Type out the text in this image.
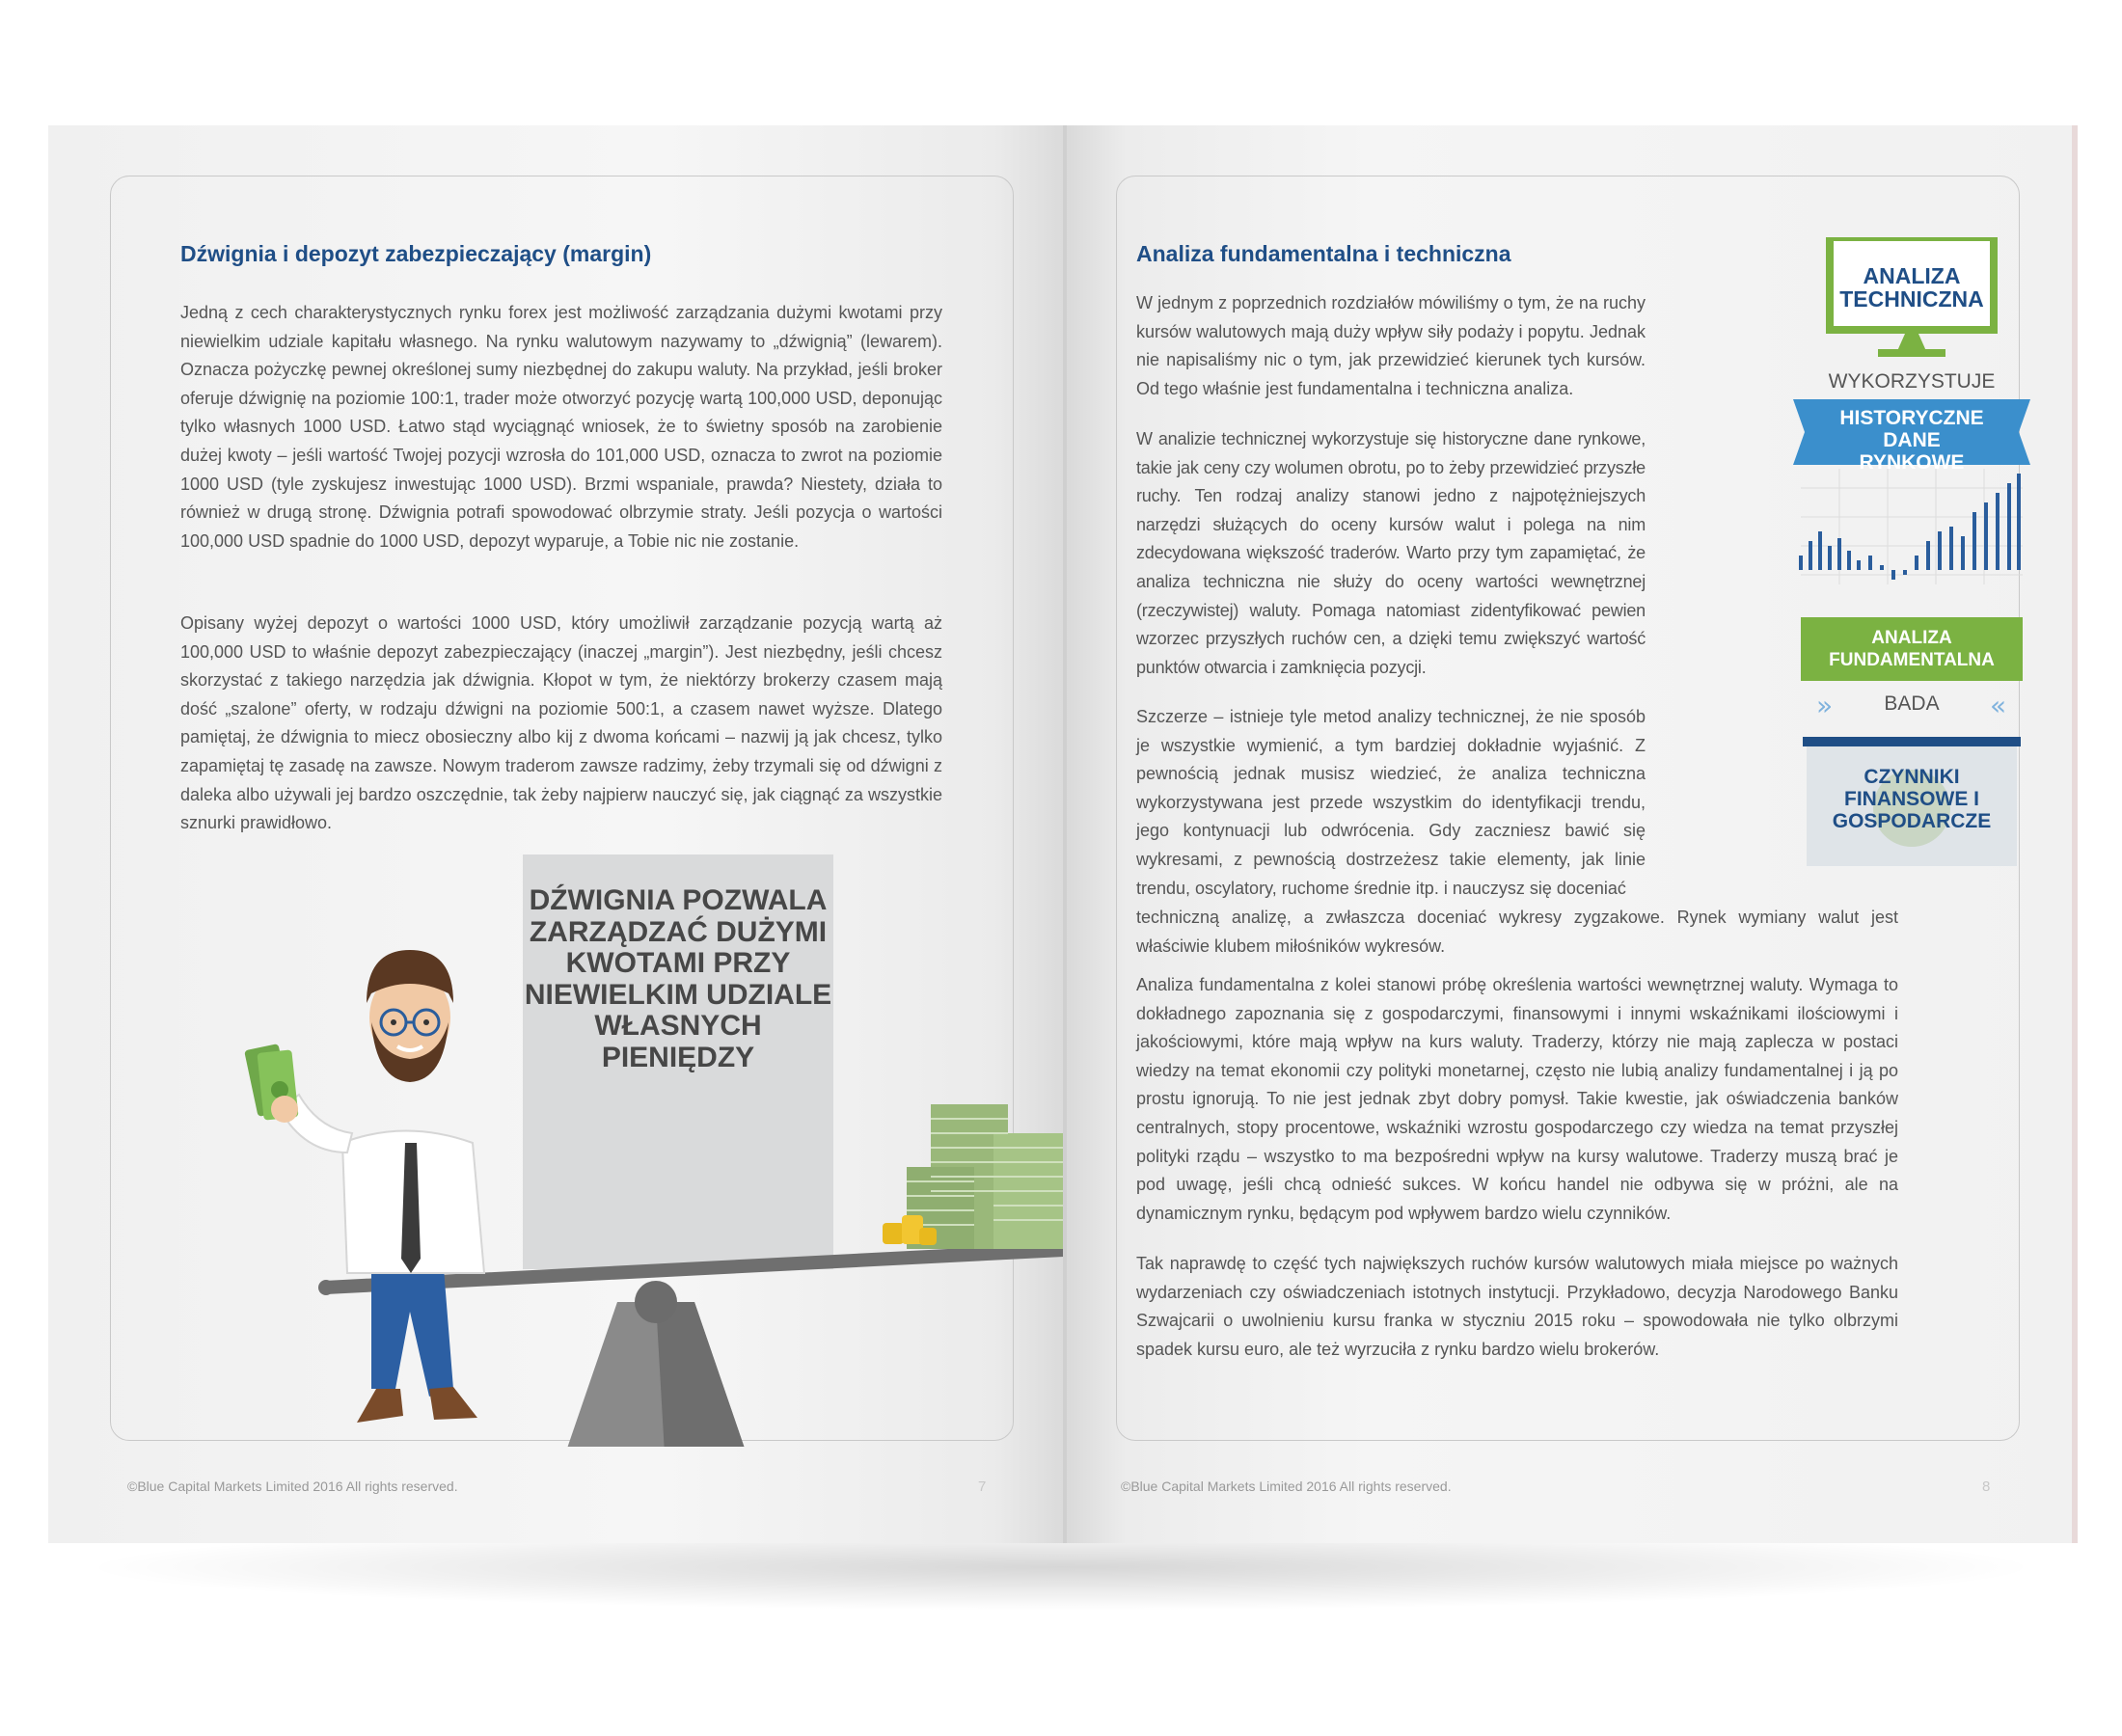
Dźwignia i depozyt zabezpieczający (margin)

Jedną z cech charakterystycznych rynku forex jest możliwość zarządzania dużymi kwotami przy niewielkim udziale kapitału własnego. Na rynku walutowym nazywamy to „dźwignią” (lewarem). Oznacza pożyczkę pewnej określonej sumy niezbędnej do zakupu waluty. Na przykład, jeśli broker oferuje dźwignię na poziomie 100:1, trader może otworzyć pozycję wartą 100,000 USD, deponując tylko własnych 1000 USD. Łatwo stąd wyciągnąć wniosek, że to świetny sposób na zarobienie dużej kwoty – jeśli wartość Twojej pozycji wzrosła do 101,000 USD, oznacza to zwrot na poziomie 1000 USD (tyle zyskujesz inwestując 1000 USD). Brzmi wspaniale, prawda? Niestety, działa to również w drugą stronę. Dźwignia potrafi spowodować olbrzymie straty. Jeśli pozycja o wartości 100,000 USD spadnie do 1000 USD, depozyt wyparuje, a Tobie nic nie zostanie.

Opisany wyżej depozyt o wartości 1000 USD, który umożliwił zarządzanie pozycją wartą aż 100,000 USD to właśnie depozyt zabezpieczający (inaczej „margin”). Jest niezbędny, jeśli chcesz skorzystać z takiego narzędzia jak dźwignia. Kłopot w tym, że niektórzy brokerzy czasem mają dość „szalone” oferty, w rodzaju dźwigni na poziomie 500:1, a czasem nawet wyższe. Dlatego pamiętaj, że dźwignia to miecz obosieczny albo kij z dwoma końcami – nazwij ją jak chcesz, tylko zapamiętaj tę zasadę na zawsze. Nowym traderom zawsze radzimy, żeby trzymali się od dźwigni z daleka albo używali jej bardzo oszczędnie, tak żeby najpierw nauczyć się, jak ciągnąć za wszystkie sznurki prawidłowo.

DŹWIGNIA POZWALA ZARZĄDZAĆ DUŻYMI KWOTAMI PRZY NIEWIELKIM UDZIALE WŁASNYCH PIENIĘDZY
©Blue Capital Markets Limited 2016 All rights reserved.	7
Analiza fundamentalna i techniczna

W jednym z poprzednich rozdziałów mówiliśmy o tym, że na ruchy kursów walutowych mają duży wpływ siły podaży i popytu. Jednak nie napisaliśmy nic o tym, jak przewidzieć kierunek tych kursów. Od tego właśnie jest fundamentalna i techniczna analiza.

W analizie technicznej wykorzystuje się historyczne dane rynkowe, takie jak ceny czy wolumen obrotu, po to żeby przewidzieć przyszłe ruchy. Ten rodzaj analizy stanowi jedno z najpotężniejszych narzędzi służących do oceny kursów walut i polega na nim zdecydowana większość traderów. Warto przy tym zapamiętać, że analiza techniczna nie służy do oceny wartości wewnętrznej (rzeczywistej) waluty. Pomaga natomiast zidentyfikować pewien wzorzec przyszłych ruchów cen, a dzięki temu zwiększyć wartość punktów otwarcia i zamknięcia pozycji.

Szczerze – istnieje tyle metod analizy technicznej, że nie sposób je wszystkie wymienić, a tym bardziej dokładnie wyjaśnić. Z pewnością jednak musisz wiedzieć, że analiza techniczna wykorzystywana jest przede wszystkim do identyfikacji trendu, jego kontynuacji lub odwrócenia. Gdy zaczniesz bawić się wykresami, z pewnością dostrzeżesz takie elementy, jak linie trendu, oscylatory, ruchome średnie itp. i nauczysz się doceniać

techniczną analizę, a zwłaszcza doceniać wykresy zygzakowe. Rynek wymiany walut jest właściwie klubem miłośników wykresów.

Analiza fundamentalna z kolei stanowi próbę określenia wartości wewnętrznej waluty. Wymaga to dokładnego zapoznania się z gospodarczymi, finansowymi i innymi wskaźnikami ilościowymi i jakościowymi, które mają wpływ na kurs waluty. Traderzy, którzy nie mają zaplecza w postaci wiedzy na temat ekonomii czy polityki monetarnej, często nie lubią analizy fundamentalnej i ją po prostu ignorują. To nie jest jednak zbyt dobry pomysł. Takie kwestie, jak oświadczenia banków centralnych, stopy procentowe, wskaźniki wzrostu gospodarczego czy wiedza na temat przyszłej polityki rządu – wszystko to ma bezpośredni wpływ na kursy walutowe. Traderzy muszą brać je pod uwagę, jeśli chcą odnieść sukces. W końcu handel nie odbywa się w próżni, ale na dynamicznym rynku, będącym pod wpływem bardzo wielu czynników.

Tak naprawdę to część tych największych ruchów kursów walutowych miała miejsce po ważnych wydarzeniach czy oświadczeniach istotnych instytucji. Przykładowo, decyzja Narodowego Banku Szwajcarii o uwolnieniu kursu franka w styczniu 2015 roku – spowodowała nie tylko olbrzymi spadek kursu euro, ale też wyrzuciła z rynku bardzo wielu brokerów.

»	«
ANALIZA TECHNICZNA
WYKORZYSTUJE
HISTORYCZNE DANE RYNKOWE
ANALIZA FUNDAMENTALNA
BADA
CZYNNIKI FINANSOWE I GOSPODARCZE
©Blue Capital Markets Limited 2016 All rights reserved.	8
